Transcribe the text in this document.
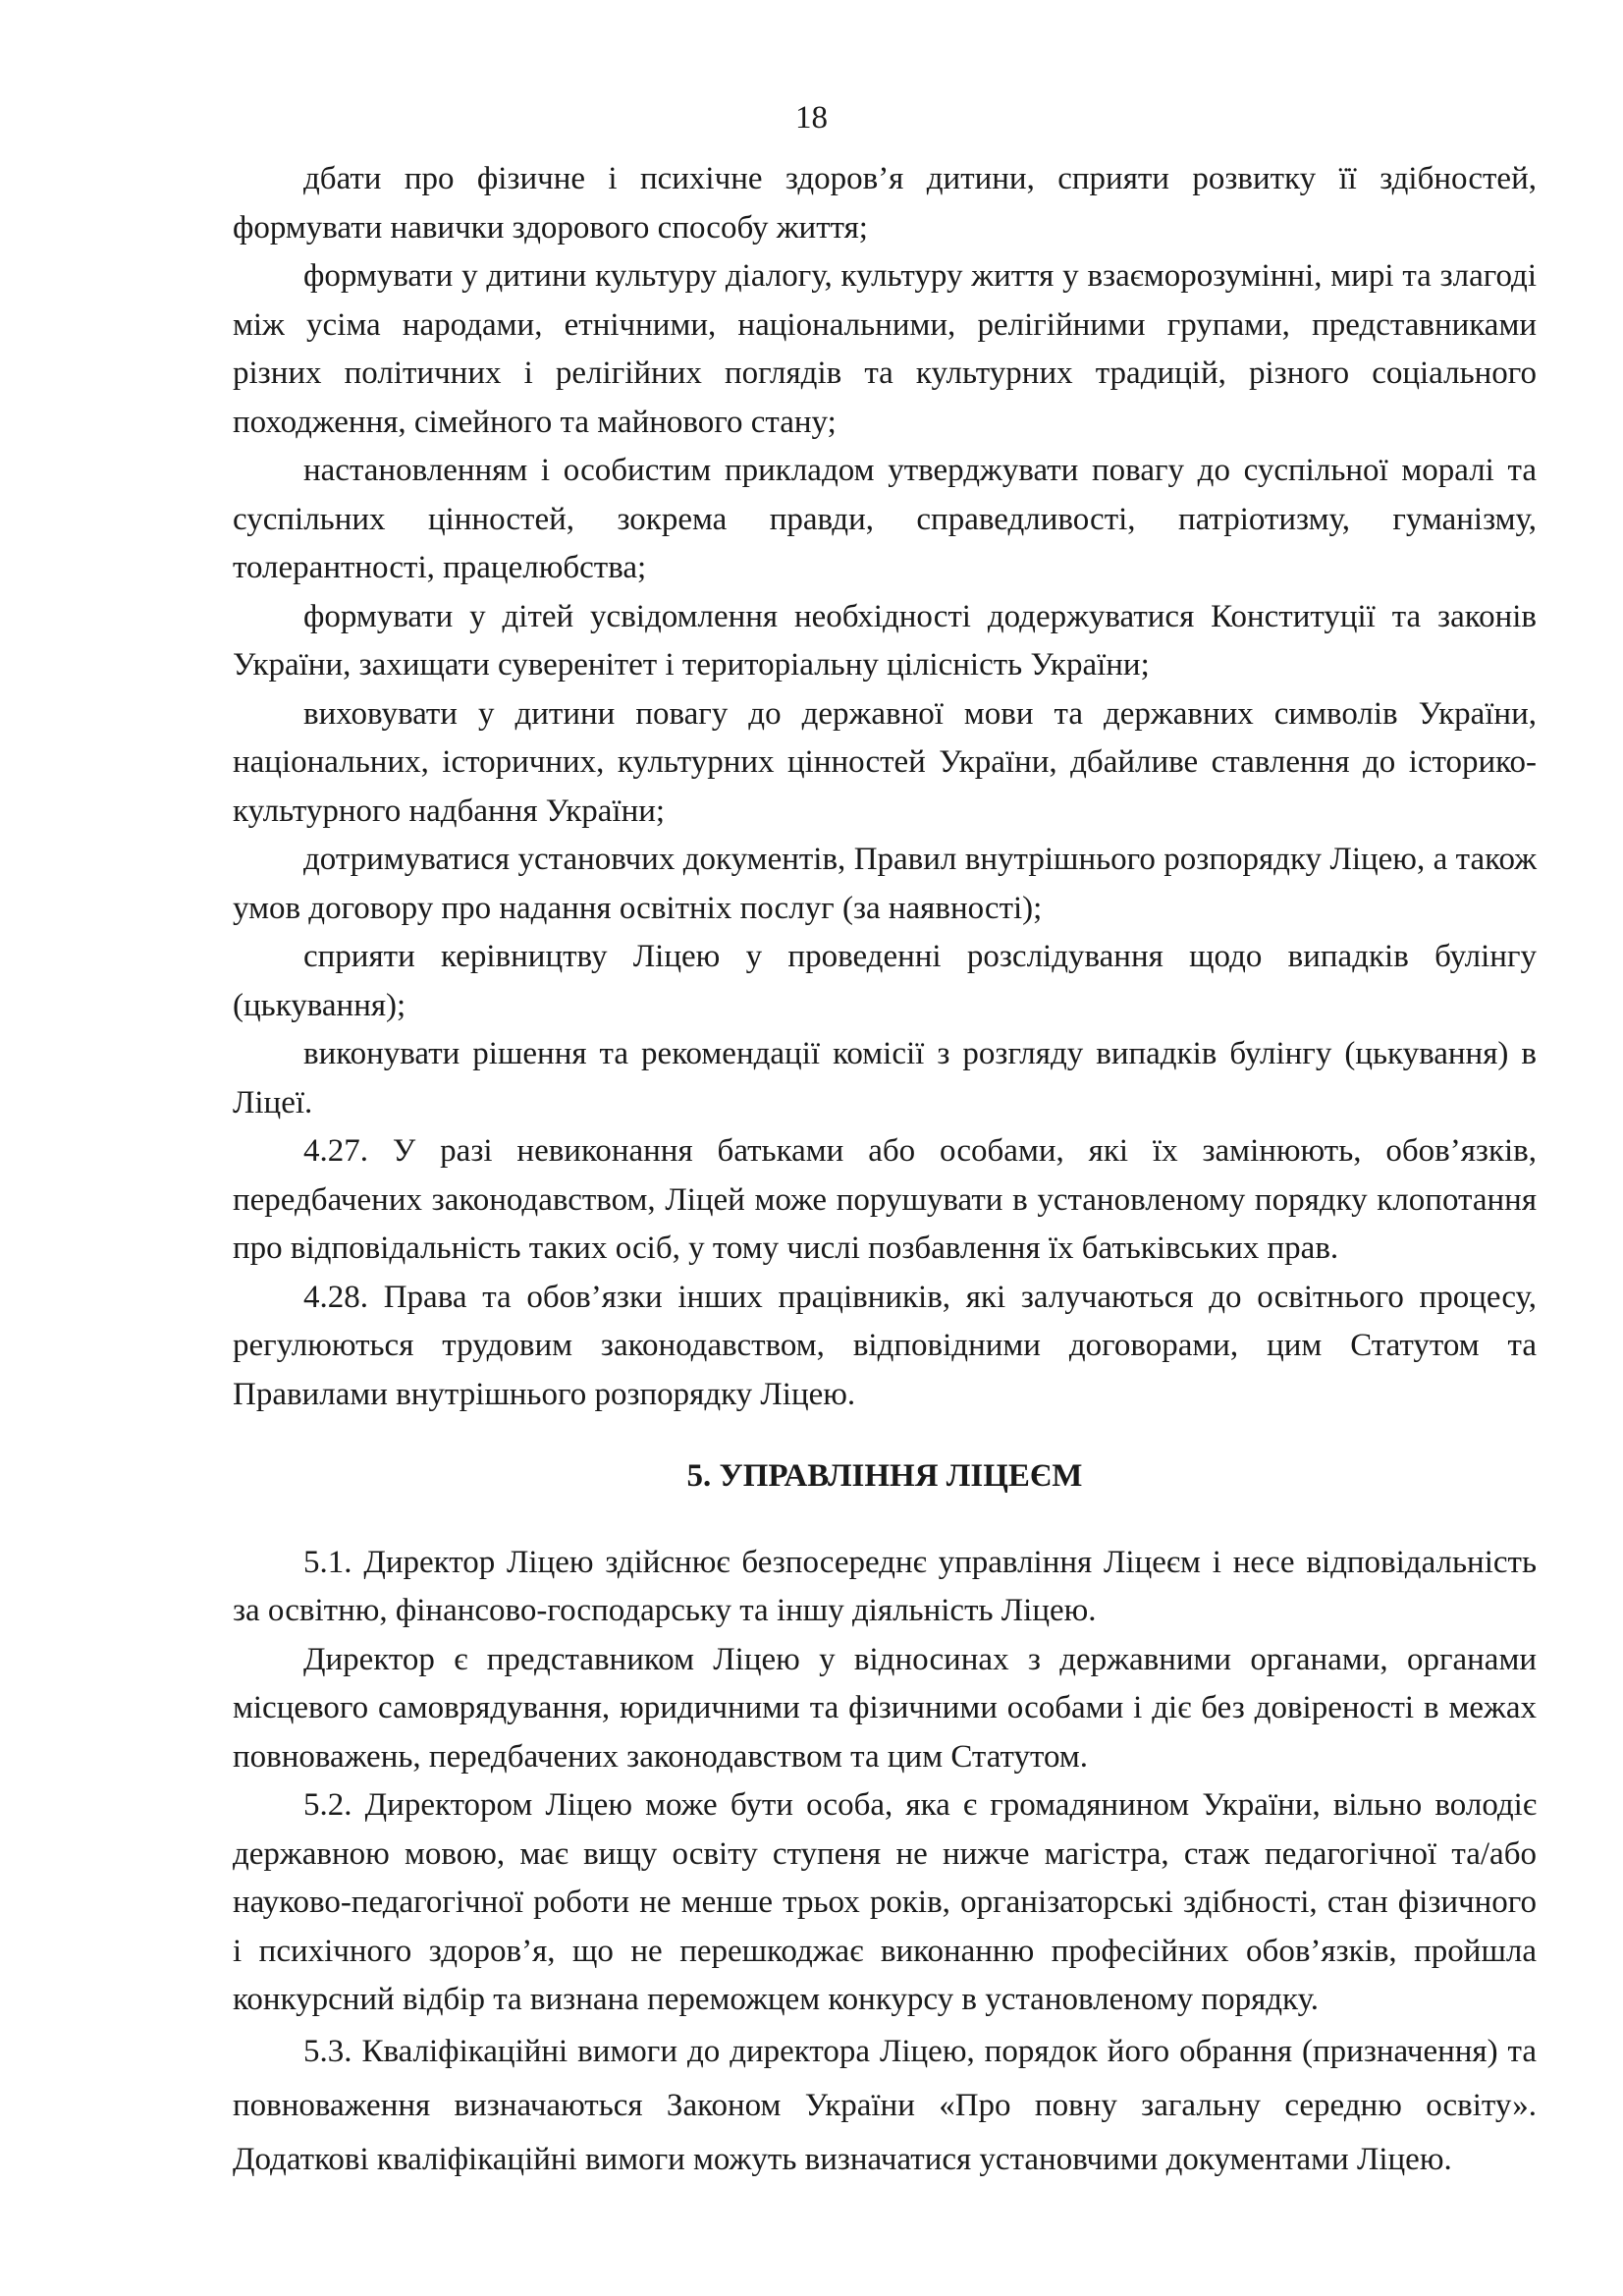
18

дбати про фізичне і психічне здоров’я дитини, сприяти розвитку її здібностей, формувати навички здорового способу життя;

формувати у дитини культуру діалогу, культуру життя у взаєморозумінні, мирі та злагоді між усіма народами, етнічними, національними, релігійними групами, представниками різних політичних і релігійних поглядів та культурних традицій, різного соціального походження, сімейного та майнового стану;

настановленням і особистим прикладом утверджувати повагу до суспільної моралі та суспільних цінностей, зокрема правди, справедливості, патріотизму, гуманізму, толерантності, працелюбства;

формувати у дітей усвідомлення необхідності додержуватися Конституції та законів України, захищати суверенітет і територіальну цілісність України;

виховувати у дитини повагу до державної мови та державних символів України, національних, історичних, культурних цінностей України, дбайливе ставлення до історико-культурного надбання України;

дотримуватися установчих документів, Правил внутрішнього розпорядку Ліцею, а також умов договору про надання освітніх послуг (за наявності);

сприяти керівництву Ліцею у проведенні розслідування щодо випадків булінгу (цькування);

виконувати рішення та рекомендації комісії з розгляду випадків булінгу (цькування) в Ліцеї.

4.27. У разі невиконання батьками або особами, які їх замінюють, обов’язків, передбачених законодавством, Ліцей може порушувати в установленому порядку клопотання про відповідальність таких осіб, у тому числі позбавлення їх батьківських прав.

4.28. Права та обов’язки інших працівників, які залучаються до освітнього процесу, регулюються трудовим законодавством, відповідними договорами, цим Статутом та Правилами внутрішнього розпорядку Ліцею.

5. УПРАВЛІННЯ ЛІЦЕЄМ

5.1. Директор Ліцею здійснює безпосереднє управління Ліцеєм і несе відповідальність за освітню, фінансово-господарську та іншу діяльність Ліцею.

Директор є представником Ліцею у відносинах з державними органами, органами місцевого самоврядування, юридичними та фізичними особами і діє без довіреності в межах повноважень, передбачених законодавством та цим Статутом.

5.2. Директором Ліцею може бути особа, яка є громадянином України, вільно володіє державною мовою, має вищу освіту ступеня не нижче магістра, стаж педагогічної та/або науково-педагогічної роботи не менше трьох років, організаторські здібності, стан фізичного і психічного здоров’я, що не перешкоджає виконанню професійних обов’язків, пройшла конкурсний відбір та визнана переможцем конкурсу в установленому порядку.

5.3. Кваліфікаційні вимоги до директора Ліцею, порядок його обрання (призначення) та повноваження визначаються Законом України «Про повну загальну середню освіту». Додаткові кваліфікаційні вимоги можуть визначатися установчими документами Ліцею.
